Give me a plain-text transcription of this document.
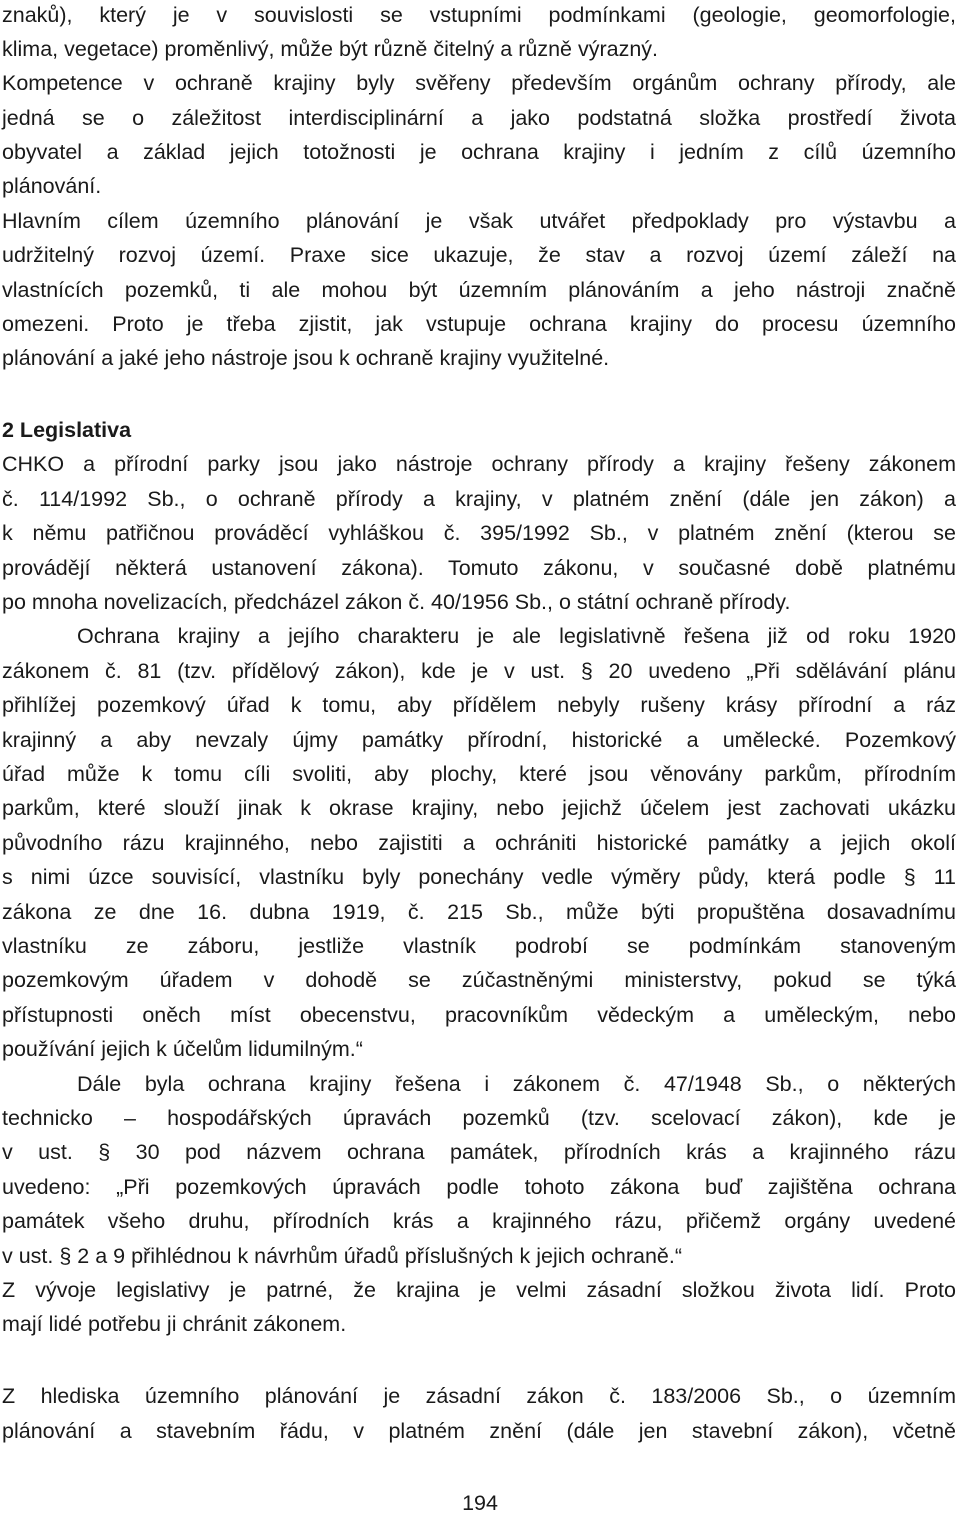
znaků), který je v souvislosti se vstupními podmínkami (geologie, geomorfologie,
klima, vegetace) proměnlivý, může být různě čitelný a různě výrazný.
Kompetence v ochraně krajiny byly svěřeny především orgánům ochrany přírody, ale
jedná se o záležitost interdisciplinární a jako podstatná složka prostředí života
obyvatel a základ jejich totožnosti je ochrana krajiny i jedním z cílů územního
plánování.
Hlavním cílem územního plánování je však utvářet předpoklady pro výstavbu a
udržitelný rozvoj území. Praxe sice ukazuje, že stav a rozvoj území záleží na
vlastnících pozemků, ti ale mohou být územním plánováním a jeho nástroji značně
omezeni. Proto je třeba zjistit, jak vstupuje ochrana krajiny do procesu územního
plánování a jaké jeho nástroje jsou k ochraně krajiny využitelné.
2 Legislativa
CHKO a přírodní parky jsou jako nástroje ochrany přírody a krajiny řešeny zákonem
č. 114/1992 Sb., o ochraně přírody a krajiny, v platném znění (dále jen zákon) a
k němu patřičnou prováděcí vyhláškou č. 395/1992 Sb., v platném znění (kterou se
provádějí některá ustanovení zákona). Tomuto zákonu, v současné době platnému
po mnoha novelizacích, předcházel zákon č. 40/1956 Sb., o státní ochraně přírody.
Ochrana krajiny a jejího charakteru je ale legislativně řešena již od roku 1920
zákonem č. 81 (tzv. přídělový zákon), kde je v ust. § 20 uvedeno „Při sdělávání plánu
přihlížej pozemkový úřad k tomu, aby přídělem nebyly rušeny krásy přírodní a ráz
krajinný a aby nevzaly újmy památky přírodní, historické a umělecké. Pozemkový
úřad může k tomu cíli svoliti, aby plochy, které jsou věnovány parkům, přírodním
parkům, které slouží jinak k okrase krajiny, nebo jejichž účelem jest zachovati ukázku
původního rázu krajinného, nebo zajistiti a ochrániti historické památky a jejich okolí
s nimi úzce souvisící, vlastníku byly ponechány vedle výměry půdy, která podle § 11
zákona ze dne 16. dubna 1919, č. 215 Sb., může býti propuštěna dosavadnímu
vlastníku ze záboru, jestliže vlastník podrobí se podmínkám stanoveným
pozemkovým úřadem v dohodě se zúčastněnými ministerstvy, pokud se týká
přístupnosti oněch míst obecenstvu, pracovníkům vědeckým a uměleckým, nebo
používání jejich k účelům lidumilným.“
Dále byla ochrana krajiny řešena i zákonem č. 47/1948 Sb., o některých
technicko – hospodářských úpravách pozemků (tzv. scelovací zákon), kde je
v ust. § 30 pod názvem ochrana památek, přírodních krás a krajinného rázu
uvedeno: „Při pozemkových úpravách podle tohoto zákona buď zajištěna ochrana
památek všeho druhu, přírodních krás a krajinného rázu, přičemž orgány uvedené
v ust. § 2 a 9 přihlédnou k návrhům úřadů příslušných k jejich ochraně.“
Z vývoje legislativy je patrné, že krajina je velmi zásadní složkou života lidí. Proto
mají lidé potřebu ji chránit zákonem.
Z hlediska územního plánování je zásadní zákon č. 183/2006 Sb., o územním
plánování a stavebním řádu, v platném znění (dále jen stavební zákon), včetně
194
